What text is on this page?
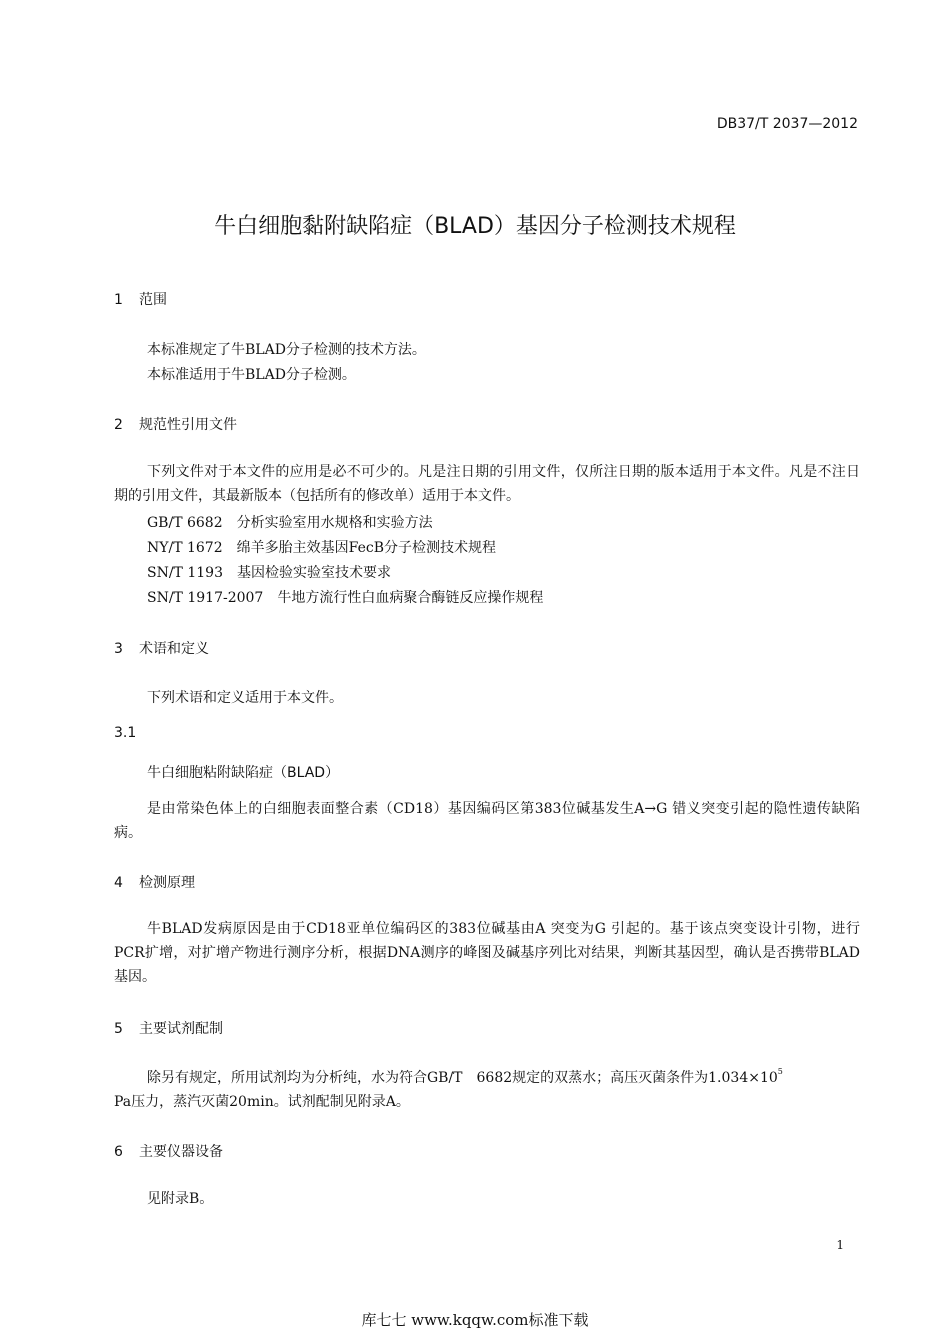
DB37/T 2037—2012
牛白细胞黏附缺陷症（BLAD）基因分子检测技术规程
1 范围
本标准规定了牛BLAD分子检测的技术方法。
本标准适用于牛BLAD分子检测。
2 规范性引用文件
下列文件对于本文件的应用是必不可少的。凡是注日期的引用文件，仅所注日期的版本适用于本文件。凡是不注日期的引用文件，其最新版本（包括所有的修改单）适用于本文件。
GB/T 6682　分析实验室用水规格和实验方法
NY/T 1672　绵羊多胎主效基因FecB分子检测技术规程
SN/T 1193　基因检验实验室技术要求
SN/T 1917-2007　牛地方流行性白血病聚合酶链反应操作规程
3 术语和定义
下列术语和定义适用于本文件。
3.1
牛白细胞粘附缺陷症（BLAD）
是由常染色体上的白细胞表面整合素（CD18）基因编码区第383位碱基发生A→G 错义突变引起的隐性遗传缺陷病。
4 检测原理
牛BLAD发病原因是由于CD18亚单位编码区的383位碱基由A 突变为G 引起的。基于该点突变设计引物，进行PCR扩增，对扩增产物进行测序分析，根据DNA测序的峰图及碱基序列比对结果，判断其基因型，确认是否携带BLAD基因。
5 主要试剂配制
除另有规定，所用试剂均为分析纯，水为符合GB/T　6682规定的双蒸水；高压灭菌条件为$1.034\times 10^5$
Pa压力，蒸汽灭菌20min。试剂配制见附录A。
6 主要仪器设备
见附录B。
1
库七七 www.kqqw.com标准下载
